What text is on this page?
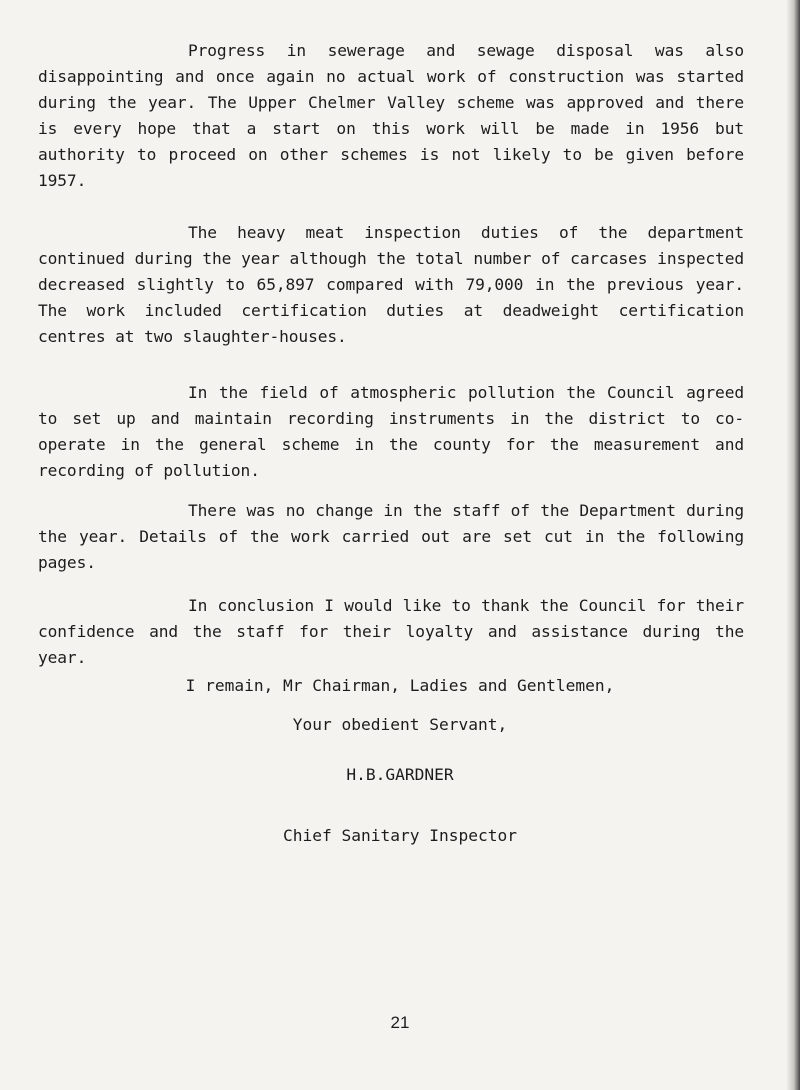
Progress in sewerage and sewage disposal was also disappointing and once again no actual work of construction was started during the year. The Upper Chelmer Valley scheme was approved and there is every hope that a start on this work will be made in 1956 but authority to proceed on other schemes is not likely to be given before 1957.

The heavy meat inspection duties of the department continued during the year although the total number of carcases inspected decreased slightly to 65,897 compared with 79,000 in the previous year. The work included certification duties at deadweight certification centres at two slaughter-houses.

In the field of atmospheric pollution the Council agreed to set up and maintain recording instruments in the district to co-operate in the general scheme in the county for the measurement and recording of pollution.

There was no change in the staff of the Department during the year. Details of the work carried out are set cut in the following pages.

In conclusion I would like to thank the Council for their confidence and the staff for their loyalty and assistance during the year.

I remain, Mr Chairman, Ladies and Gentlemen,
Your obedient Servant,
H.B.GARDNER
Chief Sanitary Inspector
21
